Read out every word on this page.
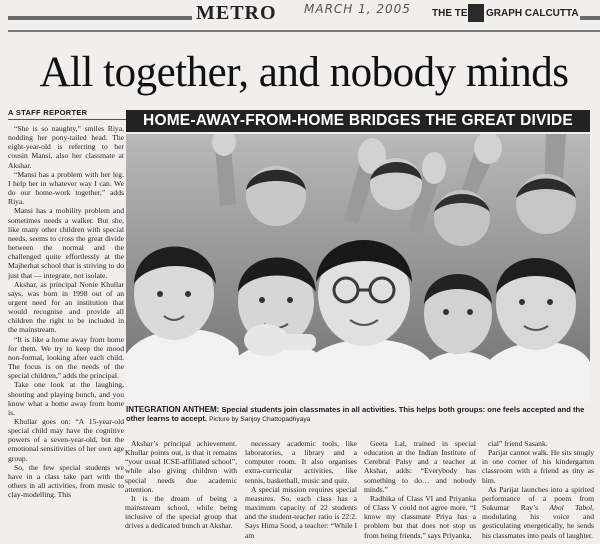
METRO MARCH 1, 2005 THE TE GRAPH CALCUTTA
All together, and nobody minds
A STAFF REPORTER

“She is so naughty,” smiles Riya, nodding her pony-tailed head. The eight-year-old is referring to her cousin Mansi, also her classmate at Akshar.

“Mansi has a problem with her leg. I help her in whatever way I can. We do our home-work together,” adds Riya.

Mansi has a mobility problem and sometimes needs a walker. But she, like many other children with special needs, seems to cross the great divide between the normal and the challenged quite effortlessly at the Majherhat school that is striving to do just that — integrate, not isolate.

Akshar, as principal Nonie Khullar says, was born in 1998 out of an urgent need for an institution that would recognise and provide all children the right to be included in the mainstream.

“It is like a home away from home for them. We try to keep the mood non-formal, looking after each child. The focus is on the needs of the special children,” adds the principal.

Take one look at the laughing, shouting and playing bunch, and you know what a home away from home is.

Khullar goes on: “A 15-year-old special child may have the cognitive powers of a seven-year-old, but the emotional sensitivities of her own age group.

So, the few special students we have in a class take part with the others in all activities, from music to clay-modelling. This

HOME-AWAY-FROM-HOME BRIDGES THE GREAT DIVIDE
INTEGRATION ANTHEM: Special students join classmates in all activities. This helps both groups: one feels accepted and the other learns to accept. Picture by Sanjoy Chattopadhyaya

Akshar’s principal achievement. Khullar points out, is that it remains “your usual ICSE-affiliated school”, while also giving children with special needs due academic attention.

It is the dream of being a mainstream school, while being inclusive of the special group that drives a dedicated bunch at Akshar.

necessary academic tools, like laboratories, a library and a computer room. It also organises extra-curricular activities, like tennis, basketball, music and quiz.

A special mission requires special measures. So, each class has a maximum capacity of 22 students and the student-teacher ratio is 22:2. Says Hima Sood, a teacher: “While I am

Geeta Lal, trained in special education at the Indian Institute of Cerebral Palsy and a teacher at Akshar, adds: “Everybody has something to do… and nobody minds.”

Radhika of Class VI and Priyanka of Class V could not agree more. “I know my classmate Priya has a problem but that does not stop us from being friends,” says Priyanka,

cial” friend Sasank.

Parijat cannot walk. He sits snugly in one corner of his kindergarten classroom with a friend as tiny as him.

As Parijat launches into a spirited performance of a poem from Sukumar Ray’s Abol Tabol, modulating his voice and gesticulating energetically, he sends his classmates into peals of laughter.
